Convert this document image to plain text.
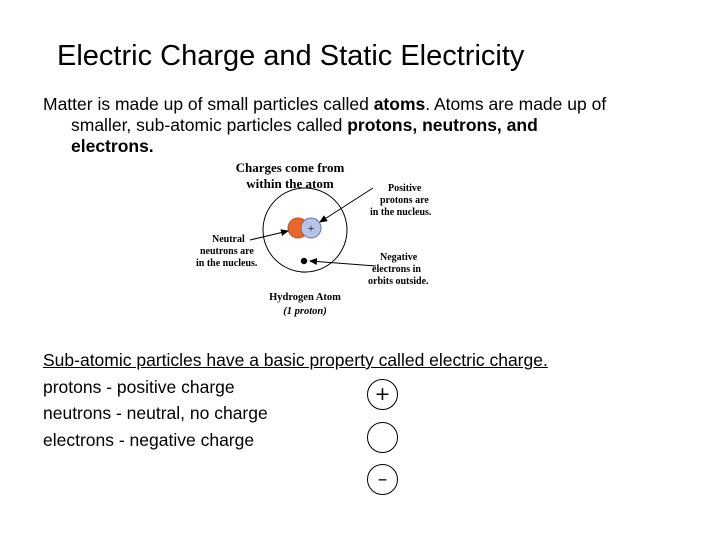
Electric Charge and Static Electricity
Matter is made up of small particles called atoms. Atoms are made up of
smaller, sub-atomic particles called protons, neutrons, and
electrons.
Charges come from
within the atom
+
–
Positive
protons are
in the nucleus.
Neutral
neutrons are
in the nucleus.
Negative
electrons in
orbits outside.
Hydrogen Atom
(1 proton)
Sub-atomic particles have a basic property called electric charge.
protons - positive charge
neutrons - neutral, no charge
electrons - negative charge
+
–
